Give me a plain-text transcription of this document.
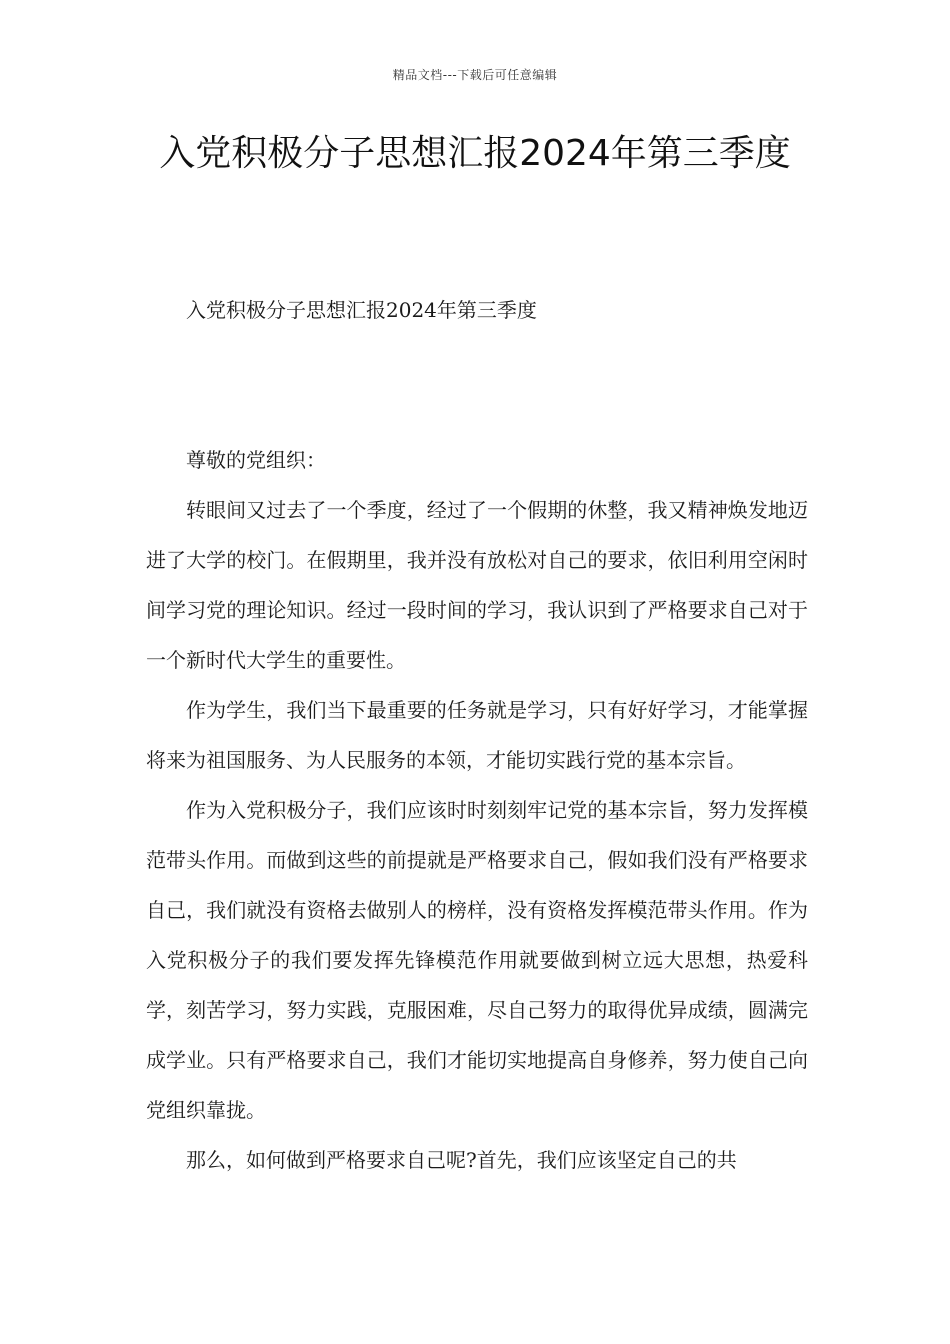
精品文档---下载后可任意编辑
入党积极分子思想汇报2024年第三季度

入党积极分子思想汇报2024年第三季度

尊敬的党组织：

转眼间又过去了一个季度，经过了一个假期的休整，我又精神焕发地迈进了大学的校门。在假期里，我并没有放松对自己的要求，依旧利用空闲时间学习党的理论知识。经过一段时间的学习，我认识到了严格要求自己对于一个新时代大学生的重要性。

作为学生，我们当下最重要的任务就是学习，只有好好学习，才能掌握将来为祖国服务、为人民服务的本领，才能切实践行党的基本宗旨。

作为入党积极分子，我们应该时时刻刻牢记党的基本宗旨，努力发挥模范带头作用。而做到这些的前提就是严格要求自己，假如我们没有严格要求自己，我们就没有资格去做别人的榜样，没有资格发挥模范带头作用。作为入党积极分子的我们要发挥先锋模范作用就要做到树立远大思想，热爱科学，刻苦学习，努力实践，克服困难，尽自己努力的取得优异成绩，圆满完成学业。只有严格要求自己，我们才能切实地提高自身修养，努力使自己向党组织靠拢。

那么，如何做到严格要求自己呢?首先，我们应该坚定自己的共
